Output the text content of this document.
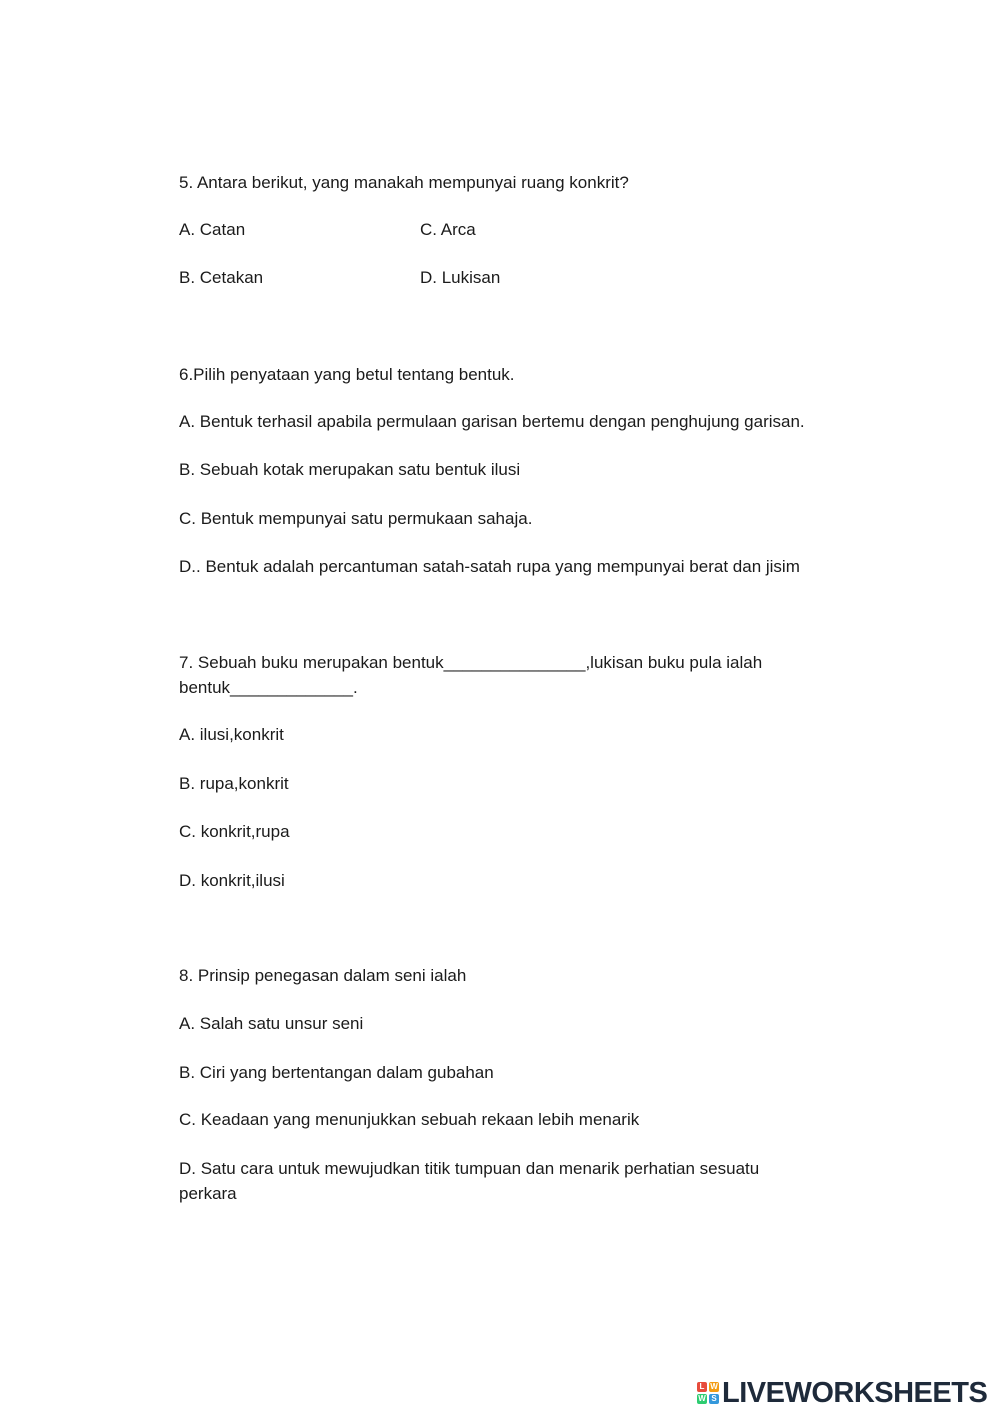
5. Antara berikut, yang manakah mempunyai ruang konkrit?
A. Catan	C. Arca
B. Cetakan	D. Lukisan
6.Pilih penyataan yang betul tentang bentuk.
A. Bentuk terhasil apabila permulaan garisan bertemu dengan penghujung garisan.
B. Sebuah kotak merupakan satu bentuk ilusi
C. Bentuk mempunyai satu permukaan sahaja.
D.. Bentuk adalah percantuman satah-satah rupa yang mempunyai berat dan jisim
7. Sebuah buku merupakan bentuk_______________,lukisan buku pula ialah
bentuk_____________.
A. ilusi,konkrit
B. rupa,konkrit
C. konkrit,rupa
D. konkrit,ilusi
8. Prinsip penegasan dalam seni ialah
A. Salah satu unsur seni
B. Ciri yang bertentangan dalam gubahan
C. Keadaan yang menunjukkan sebuah rekaan lebih menarik
D. Satu cara untuk mewujudkan titik tumpuan dan menarik perhatian sesuatu
perkara
L W
W S LIVEWORKSHEETS
